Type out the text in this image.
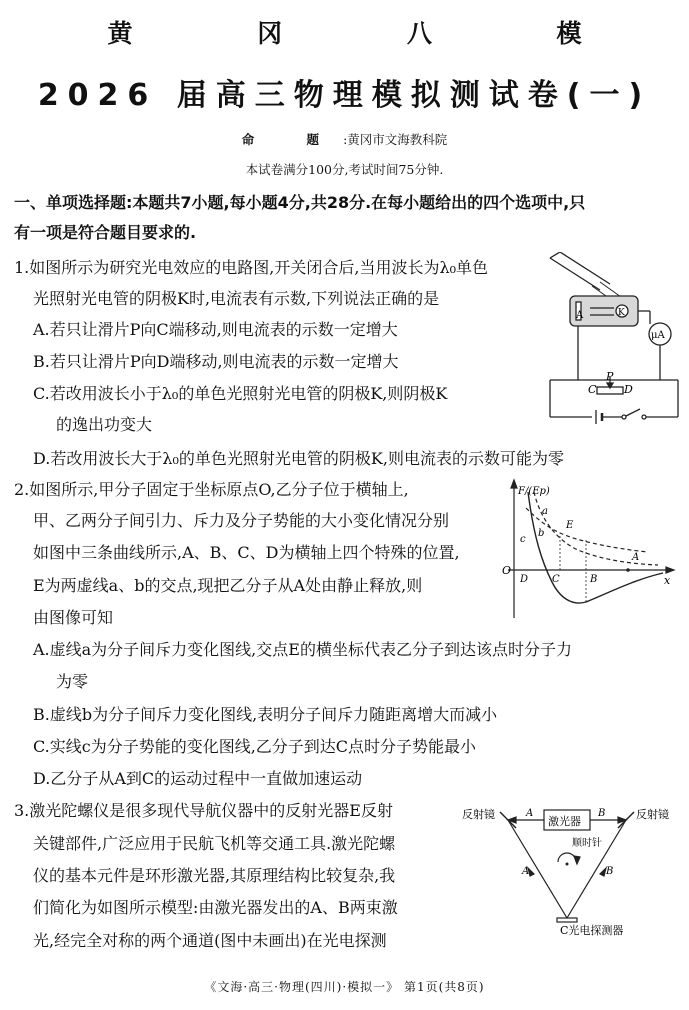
黄 冈 八 模
2026 届高三物理模拟测试卷(一)
命 题:黄冈市文海教科院
本试卷满分100分,考试时间75分钟.
一、单项选择题:本题共7小题,每小题4分,共28分.在每小题给出的四个选项中,只
有一项是符合题目要求的.
1.如图所示为研究光电效应的电路图,开关闭合后,当用波长为λ₀单色
光照射光电管的阴极K时,电流表有示数,下列说法正确的是
A.若只让滑片P向C端移动,则电流表的示数一定增大
B.若只让滑片P向D端移动,则电流表的示数一定增大
C.若改用波长小于λ₀的单色光照射光电管的阴极K,则阴极K
的逸出功变大
D.若改用波长大于λ₀的单色光照射光电管的阴极K,则电流表的示数可能为零
A	K
μA
C
P
D
2.如图所示,甲分子固定于坐标原点O,乙分子位于横轴上,
甲、乙两分子间引力、斥力及分子势能的大小变化情况分别
如图中三条曲线所示,A、B、C、D为横轴上四个特殊的位置,
E为两虚线a、b的交点,现把乙分子从A处由静止释放,则
由图像可知
A.虚线a为分子间斥力变化图线,交点E的横坐标代表乙分子到达该点时分子力
为零
B.虚线b为分子间斥力变化图线,表明分子间斥力随距离增大而减小
C.实线c为分子势能的变化图线,乙分子到达C点时分子势能最小
D.乙分子从A到C的运动过程中一直做加速运动
F/(Ep)
x
O
a
b
c
E
A
B
C
D
3.激光陀螺仪是很多现代导航仪器中的反射光器E反射
关键部件,广泛应用于民航飞机等交通工具.激光陀螺
仪的基本元件是环形激光器,其原理结构比较复杂,我
们简化为如图所示模型:由激光器发出的A、B两束激
光,经完全对称的两个通道(图中未画出)在光电探测
反射镜	反射镜
激光器
顺时针
A	B
A	B
C光电探测器
《文海·高三·物理(四川)·模拟一》 第1页(共8页)
